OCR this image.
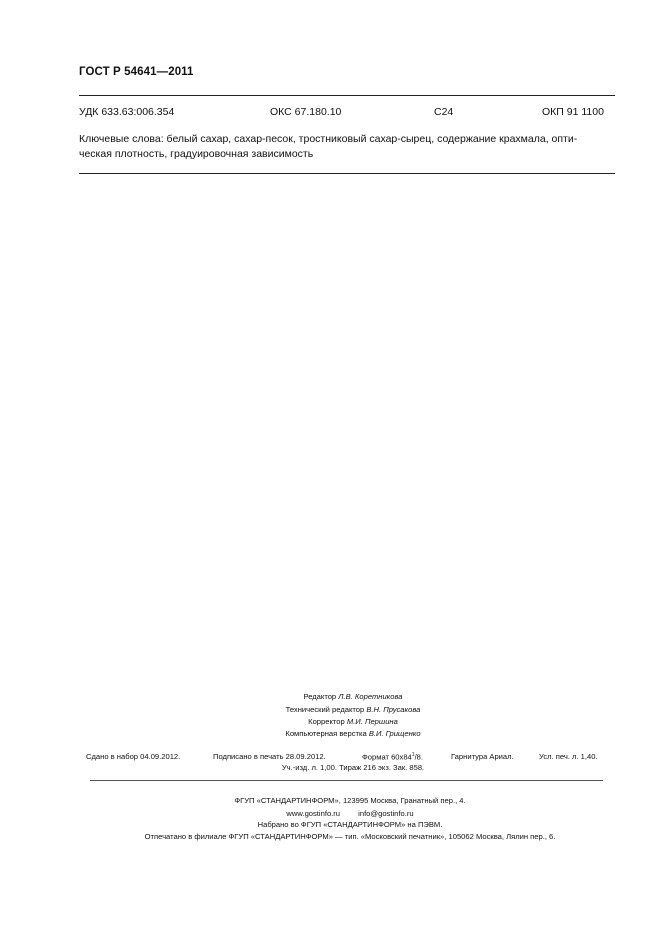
ГОСТ Р 54641—2011
УДК 633.63:006.354	ОКС 67.180.10	С24	ОКП 91 1100
Ключевые слова: белый сахар, сахар-песок, тростниковый сахар-сырец, содержание крахмала, опти-
ческая плотность, градуировочная зависимость
Редактор Л.В. Коретникова
Технический редактор В.Н. Прусакова
Корректор М.И. Першина
Компьютерная верстка В.И. Грищенко
Сдано в набор 04.09.2012.	Подписано в печать 28.09.2012.	Формат $60x84^1/8$.	Гарнитура Ариал.	Усл. печ. л. 1,40.
Уч.-изд. л. 1,00. Тираж 216 экз. Зак. 858.
ФГУП «СТАНДАРТИНФОРМ», 123995 Москва, Гранатный пер., 4.
www.gostinfo.ru info@gostinfo.ru
Набрано во ФГУП «СТАНДАРТИНФОРМ» на ПЭВМ.
Отпечатано в филиале ФГУП «СТАНДАРТИНФОРМ» — тип. «Московский печатник», 105062 Москва, Лялин пер., 6.
